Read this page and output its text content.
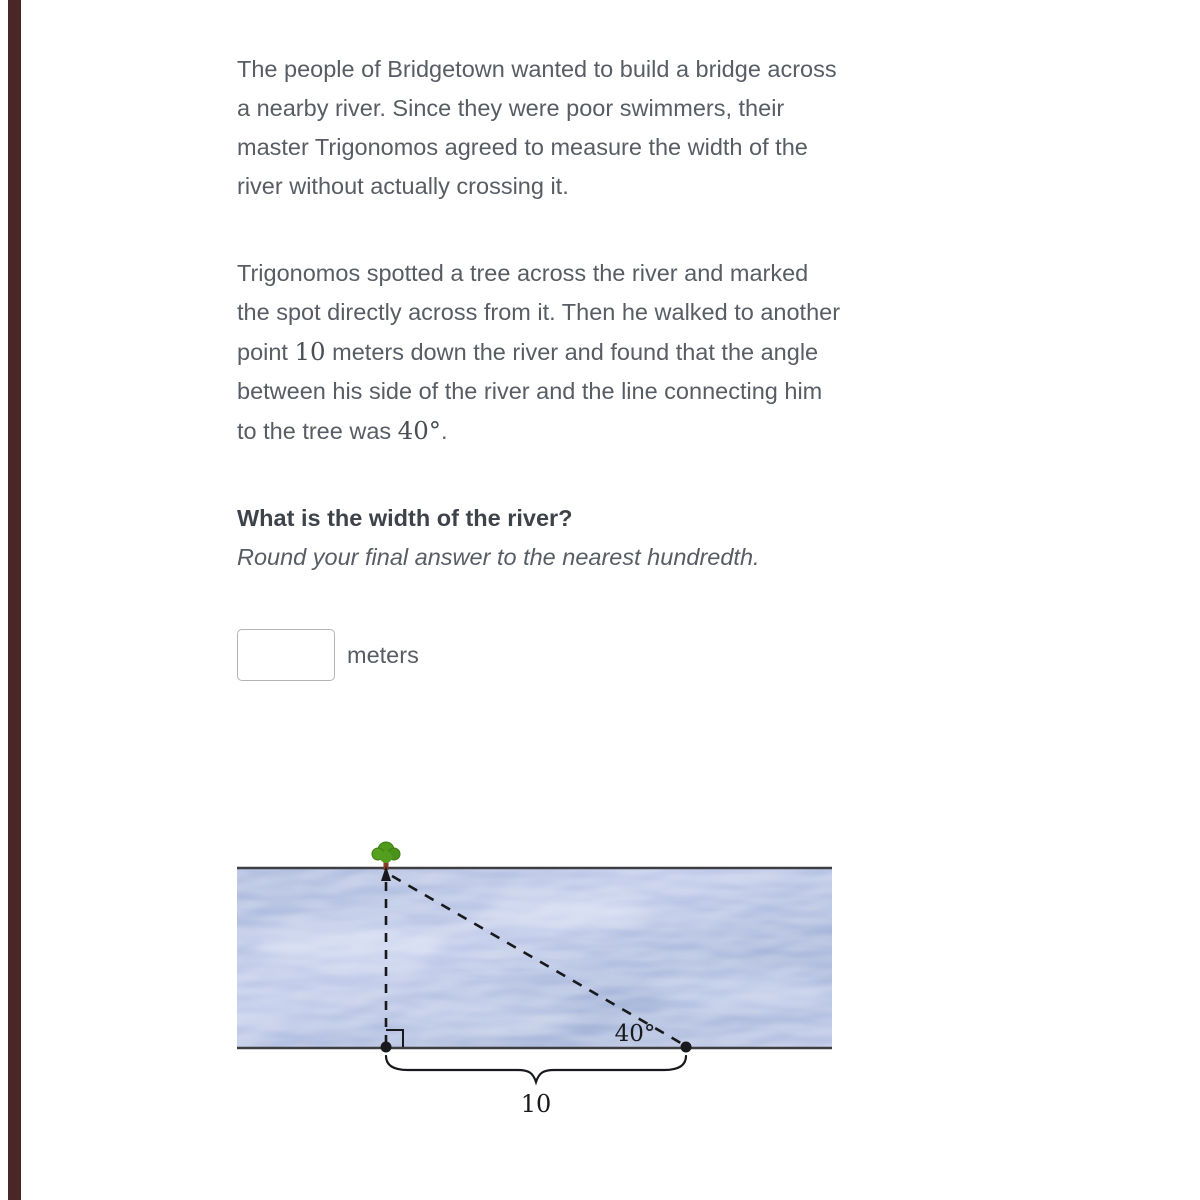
The people of Bridgetown wanted to build a bridge across a nearby river. Since they were poor swimmers, their master Trigonomos agreed to measure the width of the river without actually crossing it.

Trigonomos spotted a tree across the river and marked the spot directly across from it. Then he walked to another point 10 meters down the river and found that the angle between his side of the river and the line connecting him to the tree was 40°.

What is the width of the river?

Round your final answer to the nearest hundredth.

meters
40°
10
